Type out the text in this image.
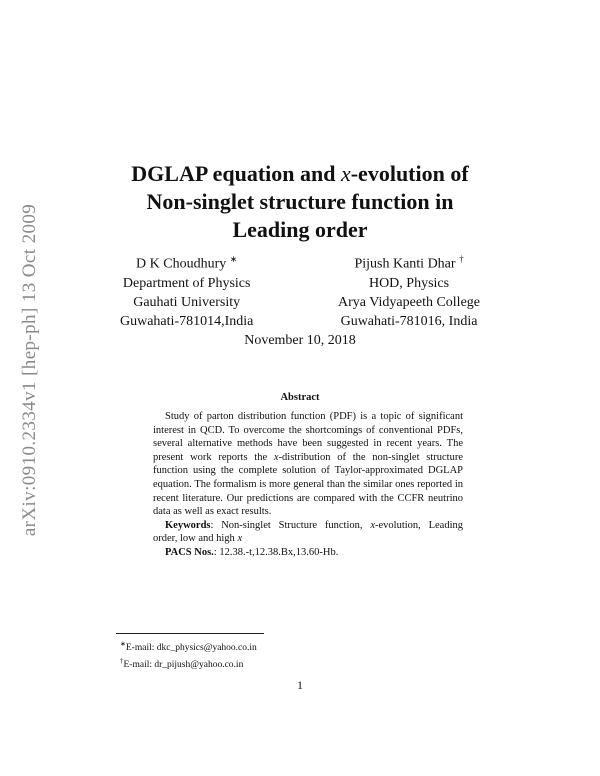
arXiv:0910.2334v1 [hep-ph] 13 Oct 2009
DGLAP equation and x-evolution of
Non-singlet structure function in
Leading order
D K Choudhury ∗
Department of Physics
Gauhati University
Guwahati-781014,India
Pijush Kanti Dhar †
HOD, Physics
Arya Vidyapeeth College
Guwahati-781016, India
November 10, 2018
Abstract

Study of parton distribution function (PDF) is a topic of significant interest in QCD. To overcome the shortcomings of conventional PDFs, several alternative methods have been suggested in recent years. The present work reports the x-distribution of the non-singlet structure function using the complete solution of Taylor-approximated DGLAP equation. The formalism is more general than the similar ones reported in recent literature. Our predictions are compared with the CCFR neutrino data as well as exact results.

Keywords: Non-singlet Structure function, x-evolution, Leading order, low and high x

PACS Nos.: 12.38.-t,12.38.Bx,13.60-Hb.

∗E-mail: dkc_physics@yahoo.co.in
†E-mail: dr_pijush@yahoo.co.in
1
